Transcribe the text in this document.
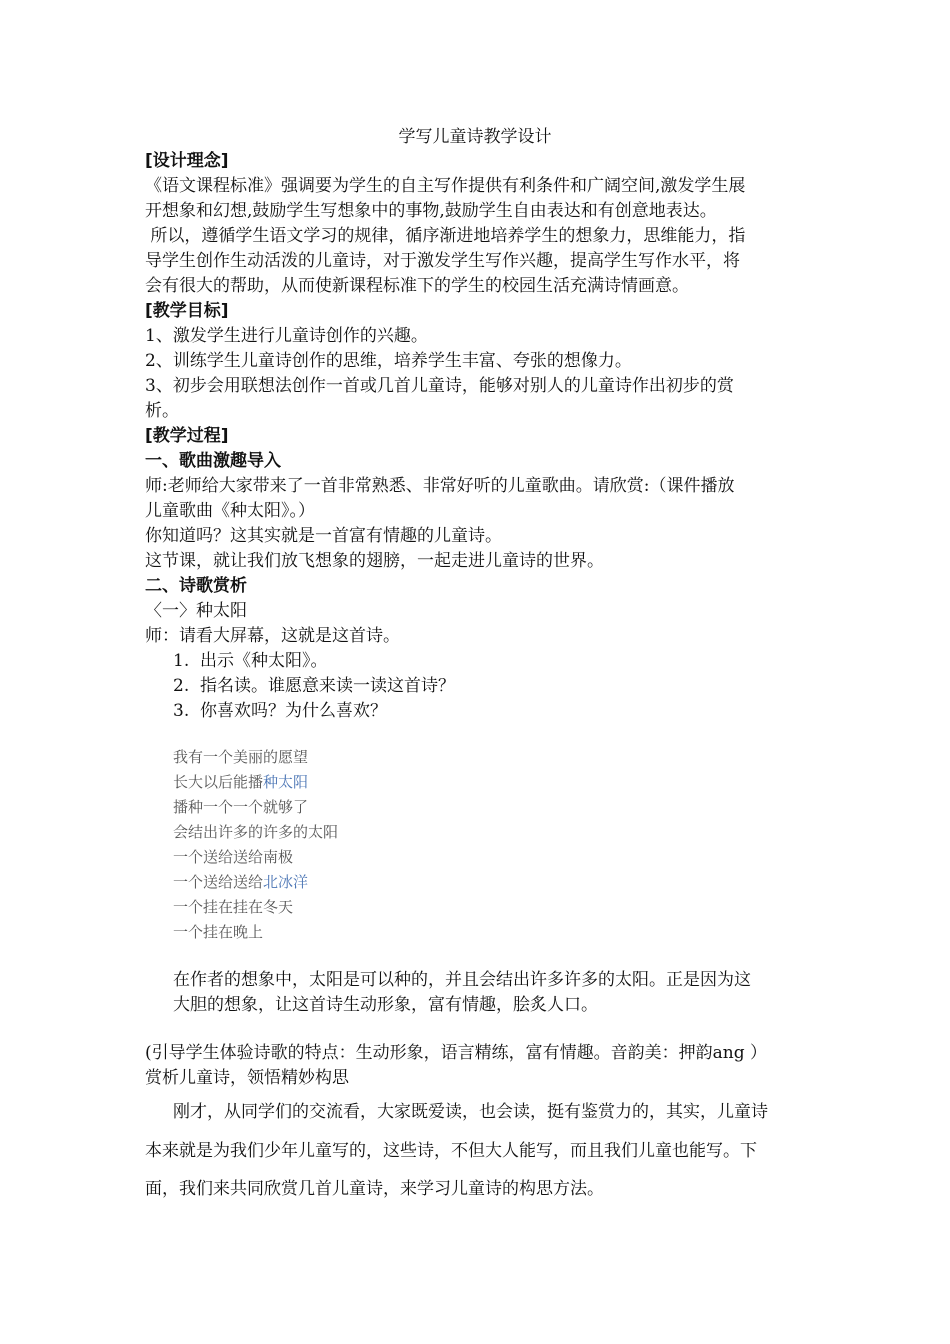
学写儿童诗教学设计
[设计理念]
《语文课程标准》强调要为学生的自主写作提供有利条件和广阔空间,激发学生展
开想象和幻想,鼓励学生写想象中的事物,鼓励学生自由表达和有创意地表达。
所以，遵循学生语文学习的规律，循序渐进地培养学生的想象力，思维能力，指
导学生创作生动活泼的儿童诗，对于激发学生写作兴趣，提高学生写作水平，将
会有很大的帮助，从而使新课程标准下的学生的校园生活充满诗情画意。
[教学目标]
1、激发学生进行儿童诗创作的兴趣。
2、训练学生儿童诗创作的思维，培养学生丰富、夸张的想像力。
3、初步会用联想法创作一首或几首儿童诗，能够对别人的儿童诗作出初步的赏
析。
[教学过程]
一、歌曲激趣导入
师:老师给大家带来了一首非常熟悉、非常好听的儿童歌曲。请欣赏:（课件播放
儿童歌曲《种太阳》。）
你知道吗？这其实就是一首富有情趣的儿童诗。
这节课，就让我们放飞想象的翅膀，一起走进儿童诗的世界。
二、诗歌赏析
〈一〉种太阳
师：请看大屏幕，这就是这首诗。
1.  出示《种太阳》。
2.  指名读。谁愿意来读一读这首诗？
3.  你喜欢吗？为什么喜欢？
我有一个美丽的愿望
长大以后能播种太阳
播种一个一个就够了
会结出许多的许多的太阳
一个送给送给南极
一个送给送给北冰洋
一个挂在挂在冬天
一个挂在晚上
在作者的想象中，太阳是可以种的，并且会结出许多许多的太阳。正是因为这
大胆的想象，让这首诗生动形象，富有情趣，脍炙人口。
(引导学生体验诗歌的特点：生动形象，语言精练，富有情趣。音韵美：押韵ang ）
赏析儿童诗，领悟精妙构思
刚才，从同学们的交流看，大家既爱读，也会读，挺有鉴赏力的，其实，儿童诗
本来就是为我们少年儿童写的，这些诗，不但大人能写，而且我们儿童也能写。下
面，我们来共同欣赏几首儿童诗，来学习儿童诗的构思方法。
